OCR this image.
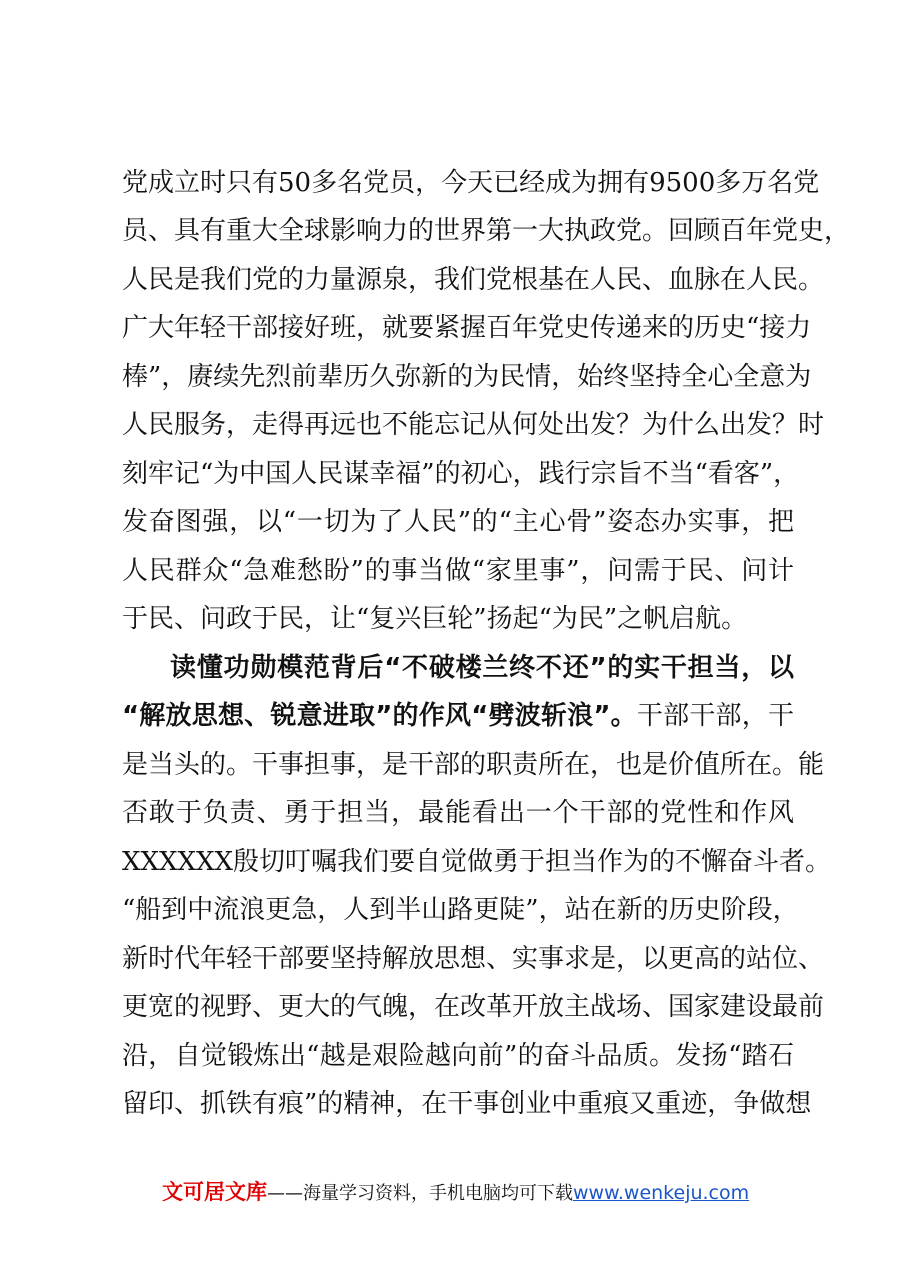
党成立时只有50多名党员，今天已经成为拥有9500多万名党
员、具有重大全球影响力的世界第一大执政党。回顾百年党史，
人民是我们党的力量源泉，我们党根基在人民、血脉在人民。
广大年轻干部接好班，就要紧握百年党史传递来的历史“接力
棒”，赓续先烈前辈历久弥新的为民情，始终坚持全心全意为
人民服务，走得再远也不能忘记从何处出发？为什么出发？时
刻牢记“为中国人民谋幸福”的初心，践行宗旨不当“看客”，
发奋图强，以“一切为了人民”的“主心骨”姿态办实事，把
人民群众“急难愁盼”的事当做“家里事”，问需于民、问计
于民、问政于民，让“复兴巨轮”扬起“为民”之帆启航。
读懂功勋模范背后“不破楼兰终不还”的实干担当，以
“解放思想、锐意进取”的作风“劈波斩浪”。干部干部，干
是当头的。干事担事，是干部的职责所在，也是价值所在。能
否敢于负责、勇于担当，最能看出一个干部的党性和作风
XXXXXX殷切叮嘱我们要自觉做勇于担当作为的不懈奋斗者。
“船到中流浪更急，人到半山路更陡”，站在新的历史阶段，
新时代年轻干部要坚持解放思想、实事求是，以更高的站位、
更宽的视野、更大的气魄，在改革开放主战场、国家建设最前
沿，自觉锻炼出“越是艰险越向前”的奋斗品质。发扬“踏石
留印、抓铁有痕”的精神，在干事创业中重痕又重迹，争做想
文可居文库——海量学习资料，手机电脑均可下载www.wenkeju.com
